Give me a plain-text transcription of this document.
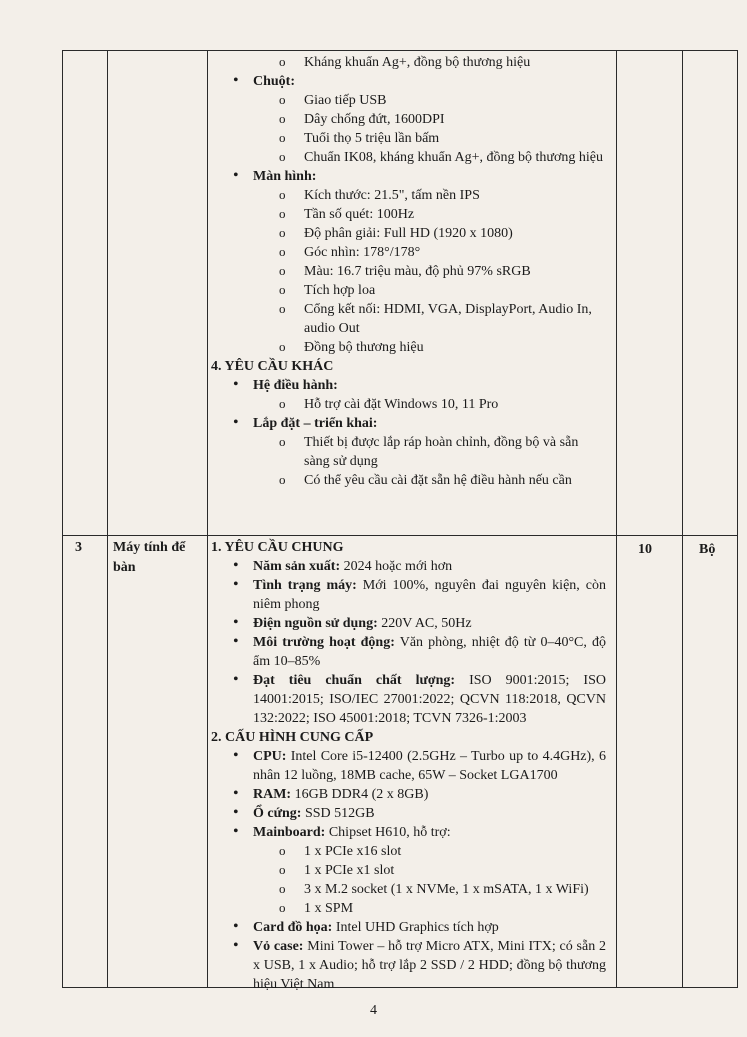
o Kháng khuẩn Ag+, đồng bộ thương hiệu
• Chuột:
o Giao tiếp USB
o Dây chống đứt, 1600DPI
o Tuổi thọ 5 triệu lần bấm
o Chuẩn IK08, kháng khuẩn Ag+, đồng bộ thương hiệu
• Màn hình:
o Kích thước: 21.5", tấm nền IPS
o Tần số quét: 100Hz
o Độ phân giải: Full HD (1920 x 1080)
o Góc nhìn: 178°/178°
o Màu: 16.7 triệu màu, độ phủ 97% sRGB
o Tích hợp loa
o Cổng kết nối: HDMI, VGA, DisplayPort, Audio In, audio Out
o Đồng bộ thương hiệu
4. YÊU CẦU KHÁC
• Hệ điều hành:
o Hỗ trợ cài đặt Windows 10, 11 Pro
• Lắp đặt – triển khai:
o Thiết bị được lắp ráp hoàn chỉnh, đồng bộ và sẵn sàng sử dụng
o Có thể yêu cầu cài đặt sẵn hệ điều hành nếu cần
3 Máy tính để bàn
10	Bộ
1. YÊU CẦU CHUNG
• Năm sản xuất: 2024 hoặc mới hơn
• Tình trạng máy: Mới 100%, nguyên đai nguyên kiện, còn niêm phong
• Điện nguồn sử dụng: 220V AC, 50Hz
• Môi trường hoạt động: Văn phòng, nhiệt độ từ 0–40°C, độ ẩm 10–85%
• Đạt tiêu chuẩn chất lượng: ISO 9001:2015; ISO 14001:2015; ISO/IEC 27001:2022; QCVN 118:2018, QCVN 132:2022; ISO 45001:2018; TCVN 7326-1:2003
2. CẤU HÌNH CUNG CẤP
• CPU: Intel Core i5-12400 (2.5GHz – Turbo up to 4.4GHz), 6 nhân 12 luồng, 18MB cache, 65W – Socket LGA1700
• RAM: 16GB DDR4 (2 x 8GB)
• Ổ cứng: SSD 512GB
• Mainboard: Chipset H610, hỗ trợ:
o 1 x PCIe x16 slot
o 1 x PCIe x1 slot
o 3 x M.2 socket (1 x NVMe, 1 x mSATA, 1 x WiFi)
o 1 x SPM
• Card đồ họa: Intel UHD Graphics tích hợp
• Vỏ case: Mini Tower – hỗ trợ Micro ATX, Mini ITX; có sẵn 2 x USB, 1 x Audio; hỗ trợ lắp 2 SSD / 2 HDD; đồng bộ thương hiệu Việt Nam
4
